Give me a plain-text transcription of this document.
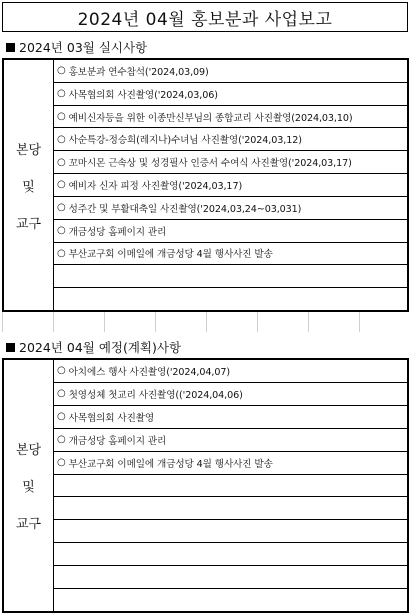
2024년 04월 홍보분과 사업보고
2024년 03월 실시사항
본당
및
교구
○ 홍보분과 연수참석('2024,03,09)
○ 사목협의회 사진촬영('2024,03,06)
○ 예비신자등을 위한 이종만신부님의 종합교리 사진촬영(2024,03,10)
○ 사순특강-정승희(레지나)수녀님 사진촬영('2024,03,12)
○ 꼬마시몬 근속상 및 성경필사 인증서 수여식 사진촬영('2024,03,17)
○ 예비자 신자 피정 사진촬영('2024,03,17)
○ 성주간 및 부활대축일 사진촬영('2024,03,24~03,031)
○ 개금성당 홈페이지 관리
○ 부산교구회 이메일에 개금성당 4월 행사사진 발송
2024년 04월 예정(계획)사항
본당
및
교구
○ 아치에스 행사 사진촬영('2024,04,07)
○ 첫영성체 첫교리 사진촬영(('2024,04,06)
○ 사목협의회 사진촬영
○ 개금성당 홈페이지 관리
○ 부산교구회 이메일에 개금성당 4월 행사사진 발송
